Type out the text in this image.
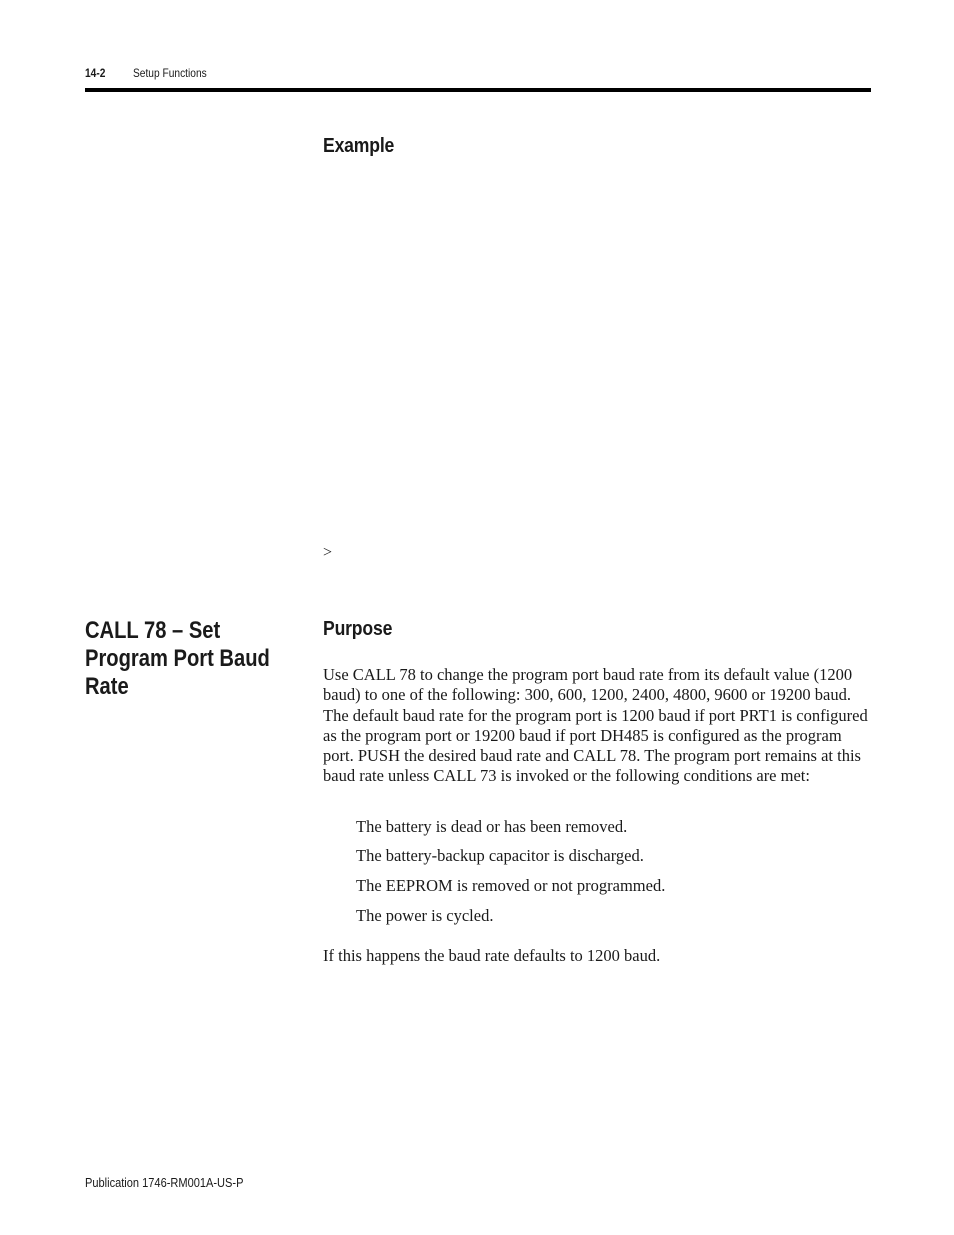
14-2 Setup Functions
Example
>
CALL 78 – Set Program Port Baud Rate
Purpose

Use CALL 78 to change the program port baud rate from its default value (1200 baud) to one of the following: 300, 600, 1200, 2400, 4800, 9600 or 19200 baud. The default baud rate for the program port is 1200 baud if port PRT1 is configured as the program port or 19200 baud if port DH485 is configured as the program port. PUSH the desired baud rate and CALL 78. The program port remains at this baud rate unless CALL 73 is invoked or the following conditions are met:

The battery is dead or has been removed.
The battery-backup capacitor is discharged.
The EEPROM is removed or not programmed.
The power is cycled.

If this happens the baud rate defaults to 1200 baud.

Publication 1746-RM001A-US-P
